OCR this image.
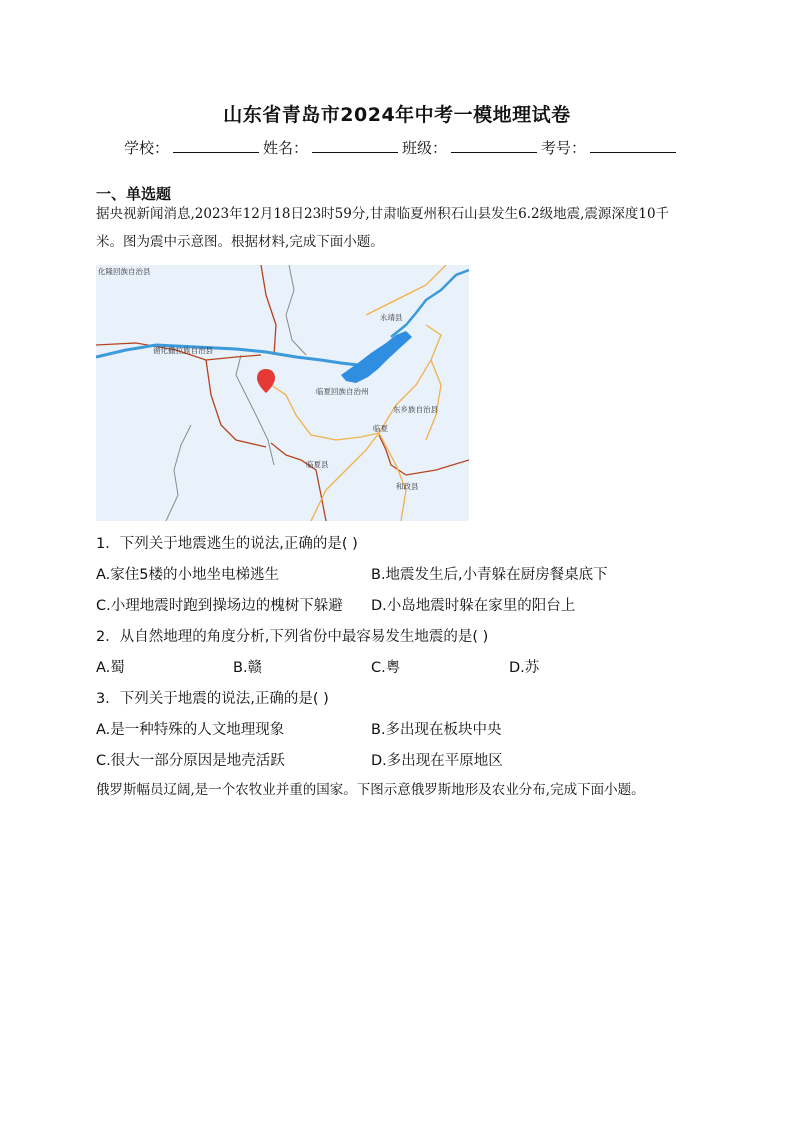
山东省青岛市2024年中考一模地理试卷
学校：	姓名：	班级：	考号：
一、单选题
据央视新闻消息,2023年12月18日23时59分,甘肃临夏州积石山县发生6.2级地震,震源深度10千米。图为震中示意图。根据材料,完成下面小题。
化隆回族自治县
循化撒拉族自治县
永靖县
临夏回族自治州
东乡族自治县
临夏
临夏县
和政县
1．下列关于地震逃生的说法,正确的是( )
A.家住5楼的小地坐电梯逃生	B.地震发生后,小青躲在厨房餐桌底下
C.小理地震时跑到操场边的槐树下躲避 D.小岛地震时躲在家里的阳台上
2．从自然地理的角度分析,下列省份中最容易发生地震的是( )
A.蜀	B.赣	C.粤	D.苏
3．下列关于地震的说法,正确的是( )
A.是一种特殊的人文地理现象	B.多出现在板块中央
C.很大一部分原因是地壳活跃	D.多出现在平原地区
俄罗斯幅员辽阔,是一个农牧业并重的国家。下图示意俄罗斯地形及农业分布,完成下面小题。
